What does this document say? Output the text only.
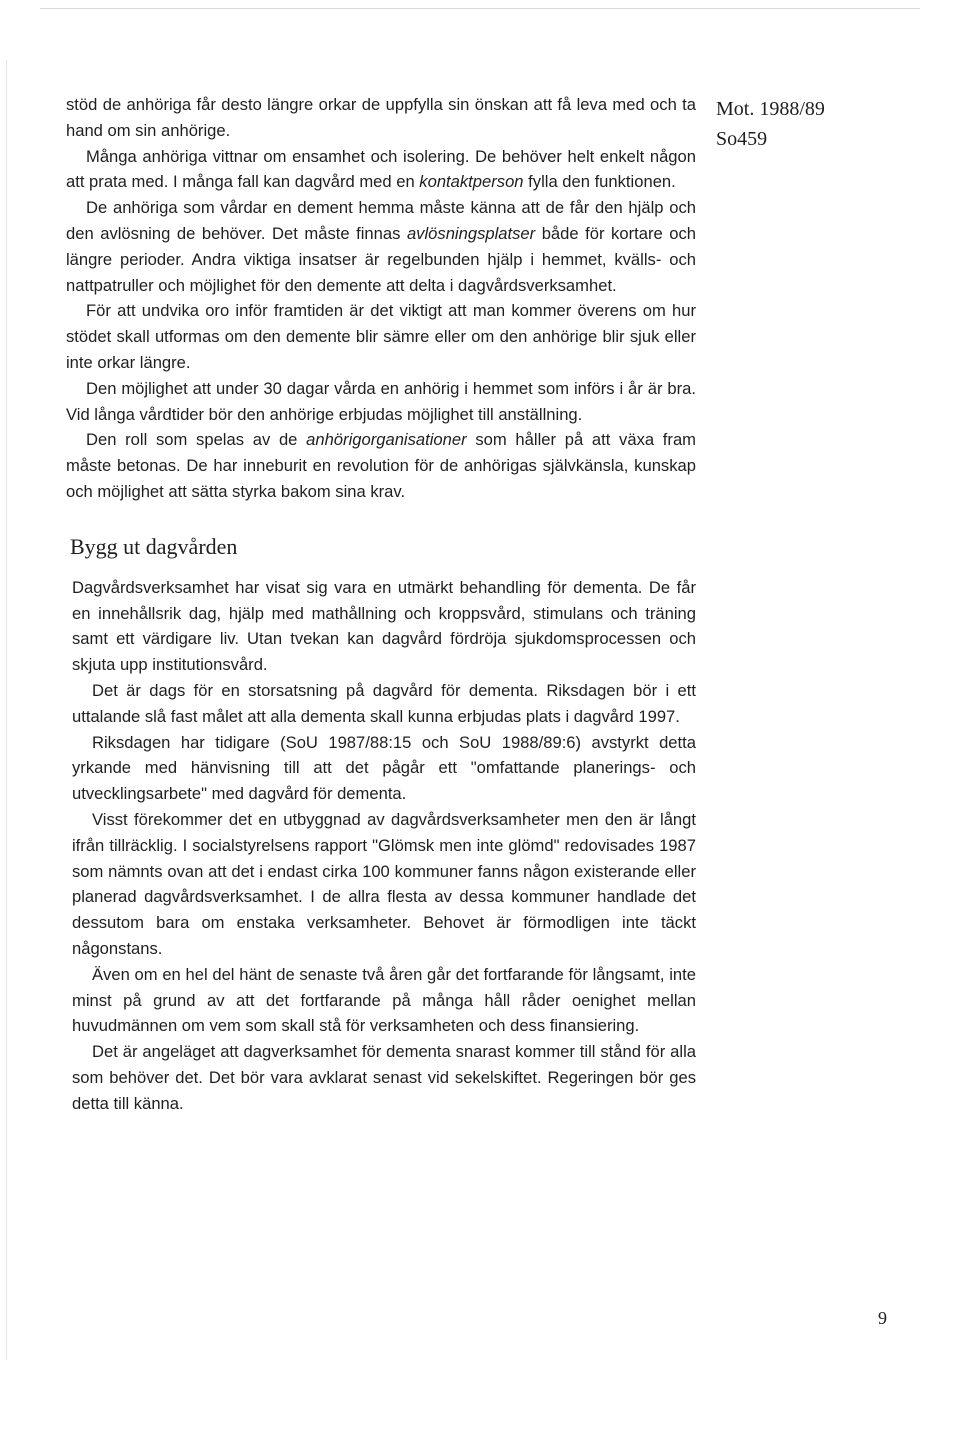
Mot. 1988/89
So459

stöd de anhöriga får desto längre orkar de uppfylla sin önskan att få leva med och ta hand om sin anhörige.

Många anhöriga vittnar om ensamhet och isolering. De behöver helt enkelt någon att prata med. I många fall kan dagvård med en kontaktperson fylla den funktionen.

De anhöriga som vårdar en dement hemma måste känna att de får den hjälp och den avlösning de behöver. Det måste finnas avlösningsplatser både för kortare och längre perioder. Andra viktiga insatser är regelbunden hjälp i hemmet, kvälls- och nattpatruller och möjlighet för den demente att delta i dagvårdsverksamhet.

För att undvika oro inför framtiden är det viktigt att man kommer överens om hur stödet skall utformas om den demente blir sämre eller om den anhörige blir sjuk eller inte orkar längre.

Den möjlighet att under 30 dagar vårda en anhörig i hemmet som införs i år är bra. Vid långa vårdtider bör den anhörige erbjudas möjlighet till anställning.

Den roll som spelas av de anhörigorganisationer som håller på att växa fram måste betonas. De har inneburit en revolution för de anhörigas självkänsla, kunskap och möjlighet att sätta styrka bakom sina krav.

Bygg ut dagvården

Dagvårdsverksamhet har visat sig vara en utmärkt behandling för dementa. De får en innehållsrik dag, hjälp med mathållning och kroppsvård, stimulans och träning samt ett värdigare liv. Utan tvekan kan dagvård fördröja sjukdomsprocessen och skjuta upp institutionsvård.

Det är dags för en storsatsning på dagvård för dementa. Riksdagen bör i ett uttalande slå fast målet att alla dementa skall kunna erbjudas plats i dagvård 1997.

Riksdagen har tidigare (SoU 1987/88:15 och SoU 1988/89:6) avstyrkt detta yrkande med hänvisning till att det pågår ett "omfattande planerings- och utvecklingsarbete" med dagvård för dementa.

Visst förekommer det en utbyggnad av dagvårdsverksamheter men den är långt ifrån tillräcklig. I socialstyrelsens rapport "Glömsk men inte glömd" redovisades 1987 som nämnts ovan att det i endast cirka 100 kommuner fanns någon existerande eller planerad dagvårdsverksamhet. I de allra flesta av dessa kommuner handlade det dessutom bara om enstaka verksamheter. Behovet är förmodligen inte täckt någonstans.

Även om en hel del hänt de senaste två åren går det fortfarande för långsamt, inte minst på grund av att det fortfarande på många håll råder oenighet mellan huvudmännen om vem som skall stå för verksamheten och dess finansiering.

Det är angeläget att dagverksamhet för dementa snarast kommer till stånd för alla som behöver det. Det bör vara avklarat senast vid sekelskiftet. Regeringen bör ges detta till känna.

9
